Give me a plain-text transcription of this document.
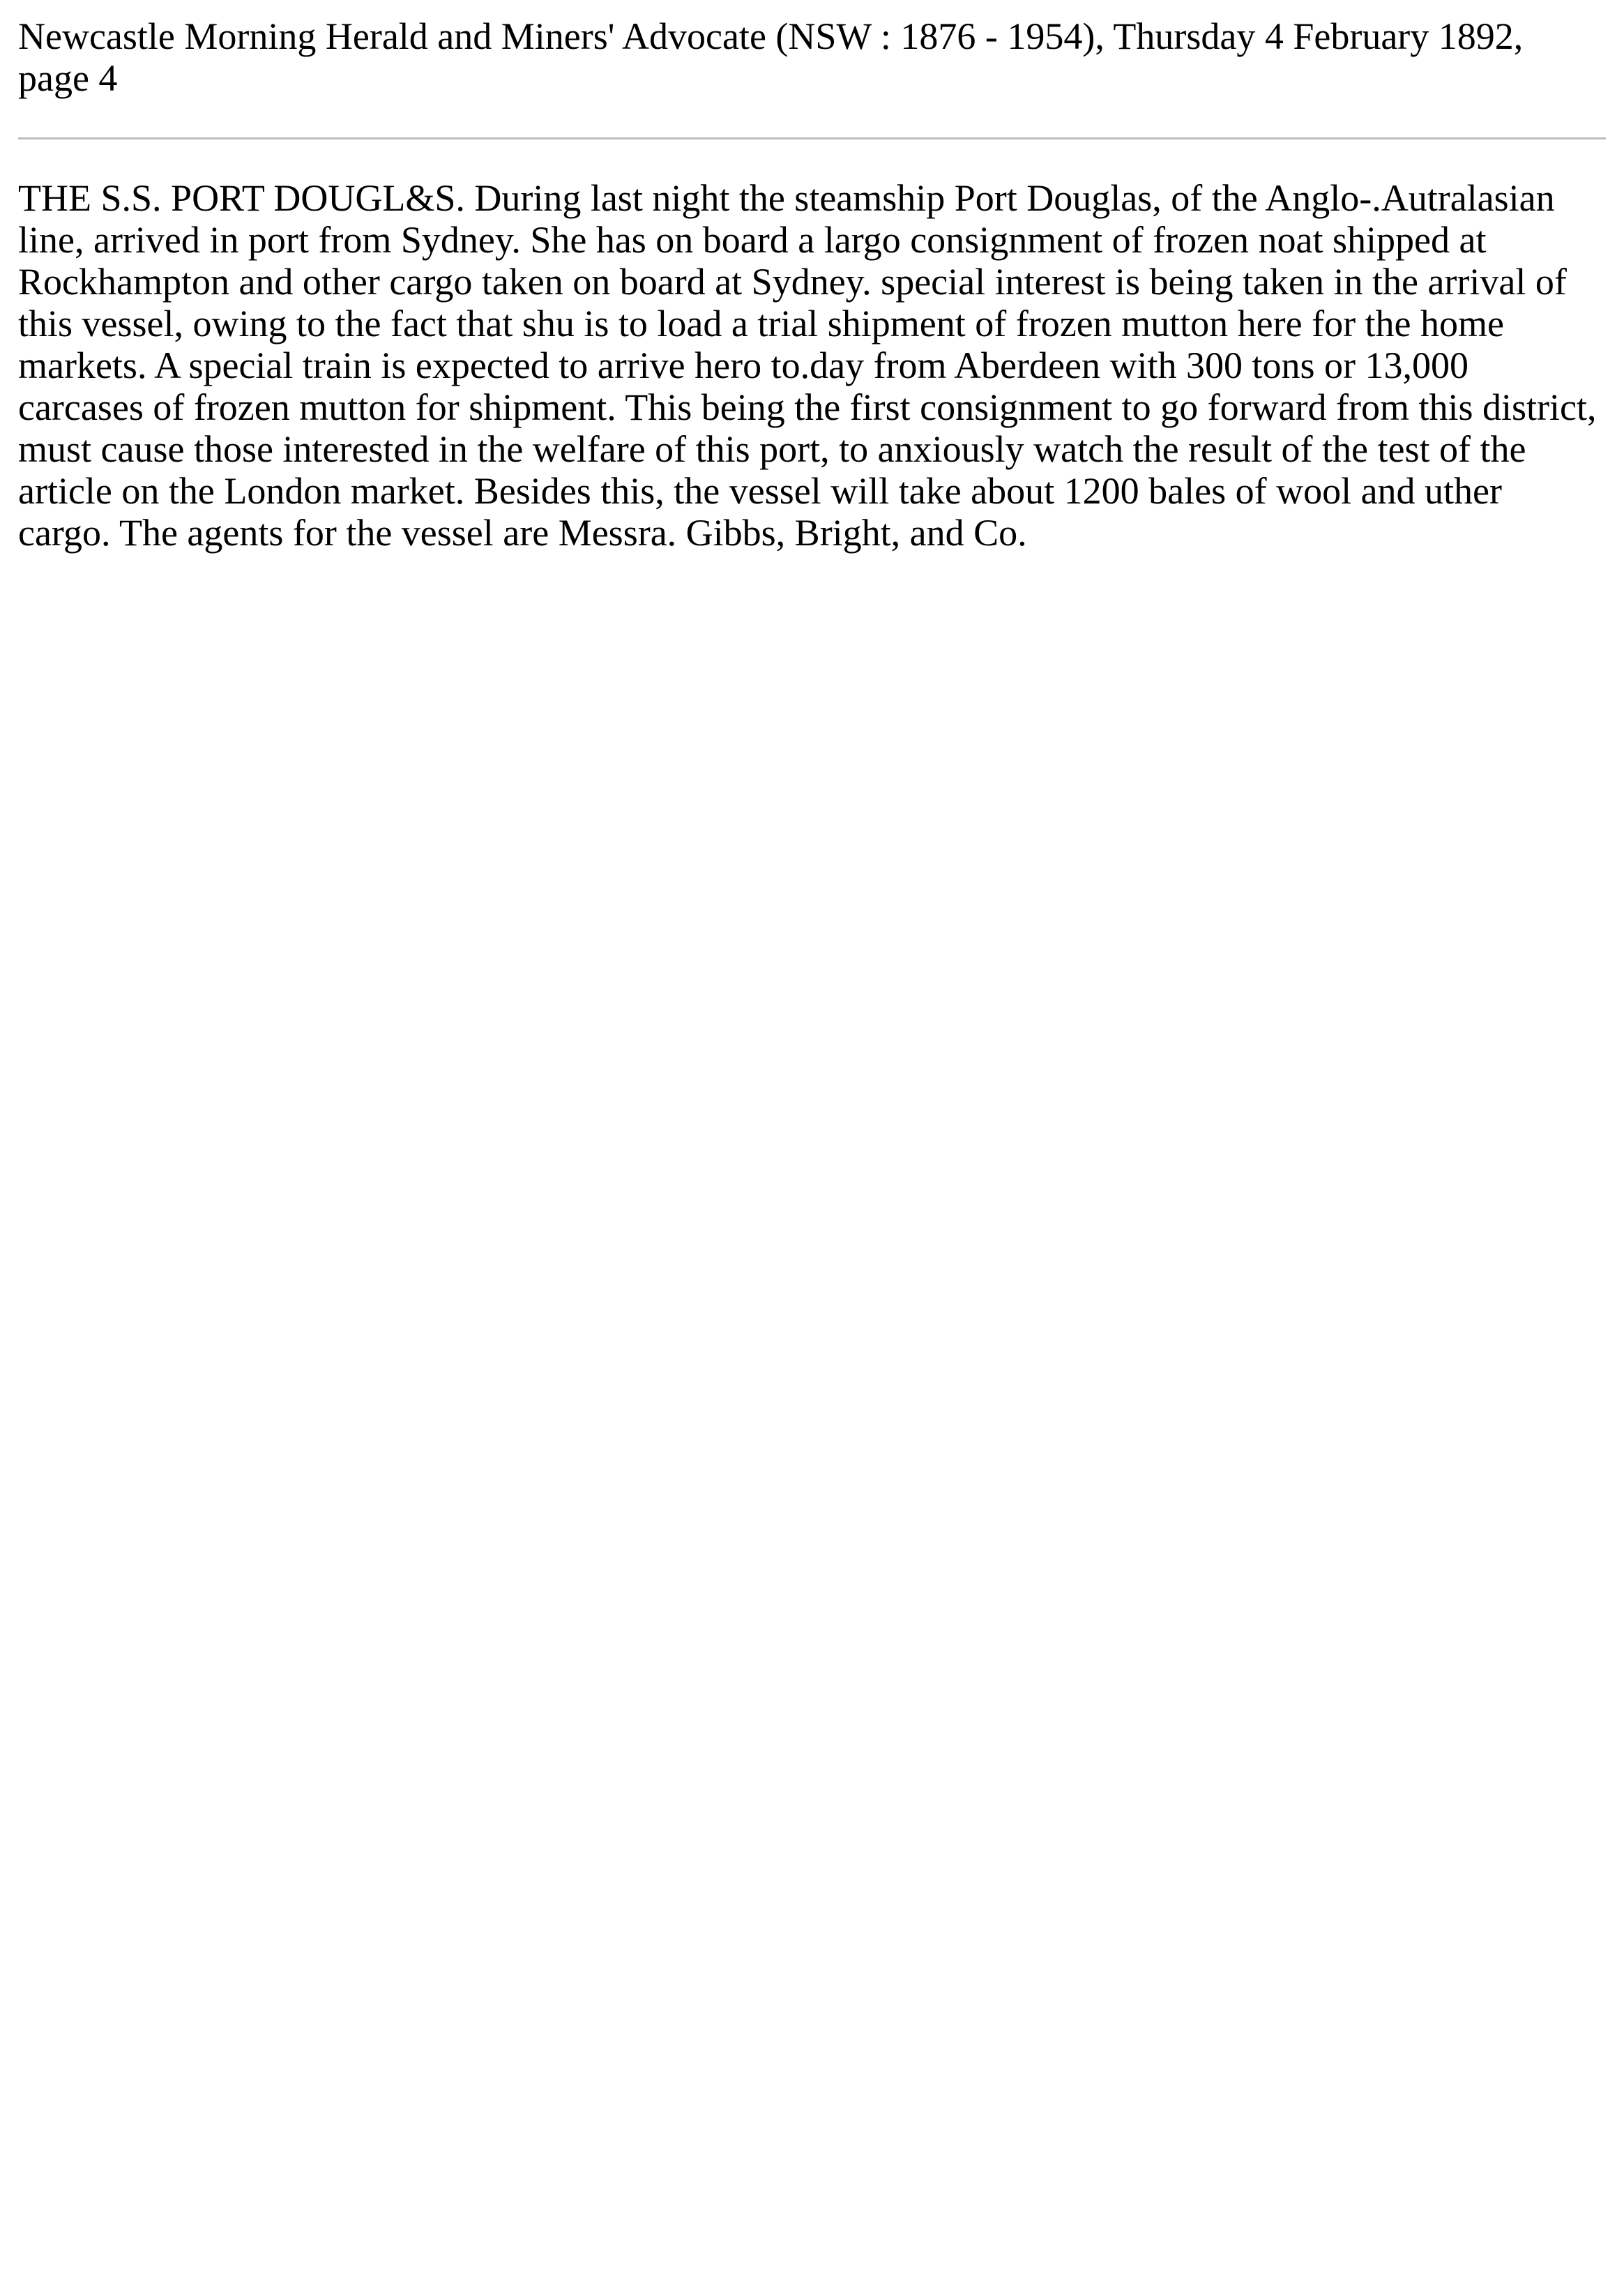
Newcastle Morning Herald and Miners' Advocate (NSW : 1876 - 1954), Thursday 4 February 1892, page 4

THE S.S. PORT DOUGL&S. During last night the steamship Port Douglas, of the Anglo-.Autralasian line, arrived in port from Sydney. She has on board a largo consignment of frozen noat shipped at Rockhampton and other cargo taken on board at Sydney. special interest is being taken in the arrival of this vessel, owing to the fact that shu is to load a trial shipment of frozen mutton here for the home markets. A special train is expected to arrive hero to.day from Aberdeen with 300 tons or 13,000 carcases of frozen mutton for shipment. This being the first consignment to go forward from this district, must cause those interested in the welfare of this port, to anxiously watch the result of the test of the article on the London market. Besides this, the vessel will take about 1200 bales of wool and uther cargo. The agents for the vessel are Messra. Gibbs, Bright, and Co.
